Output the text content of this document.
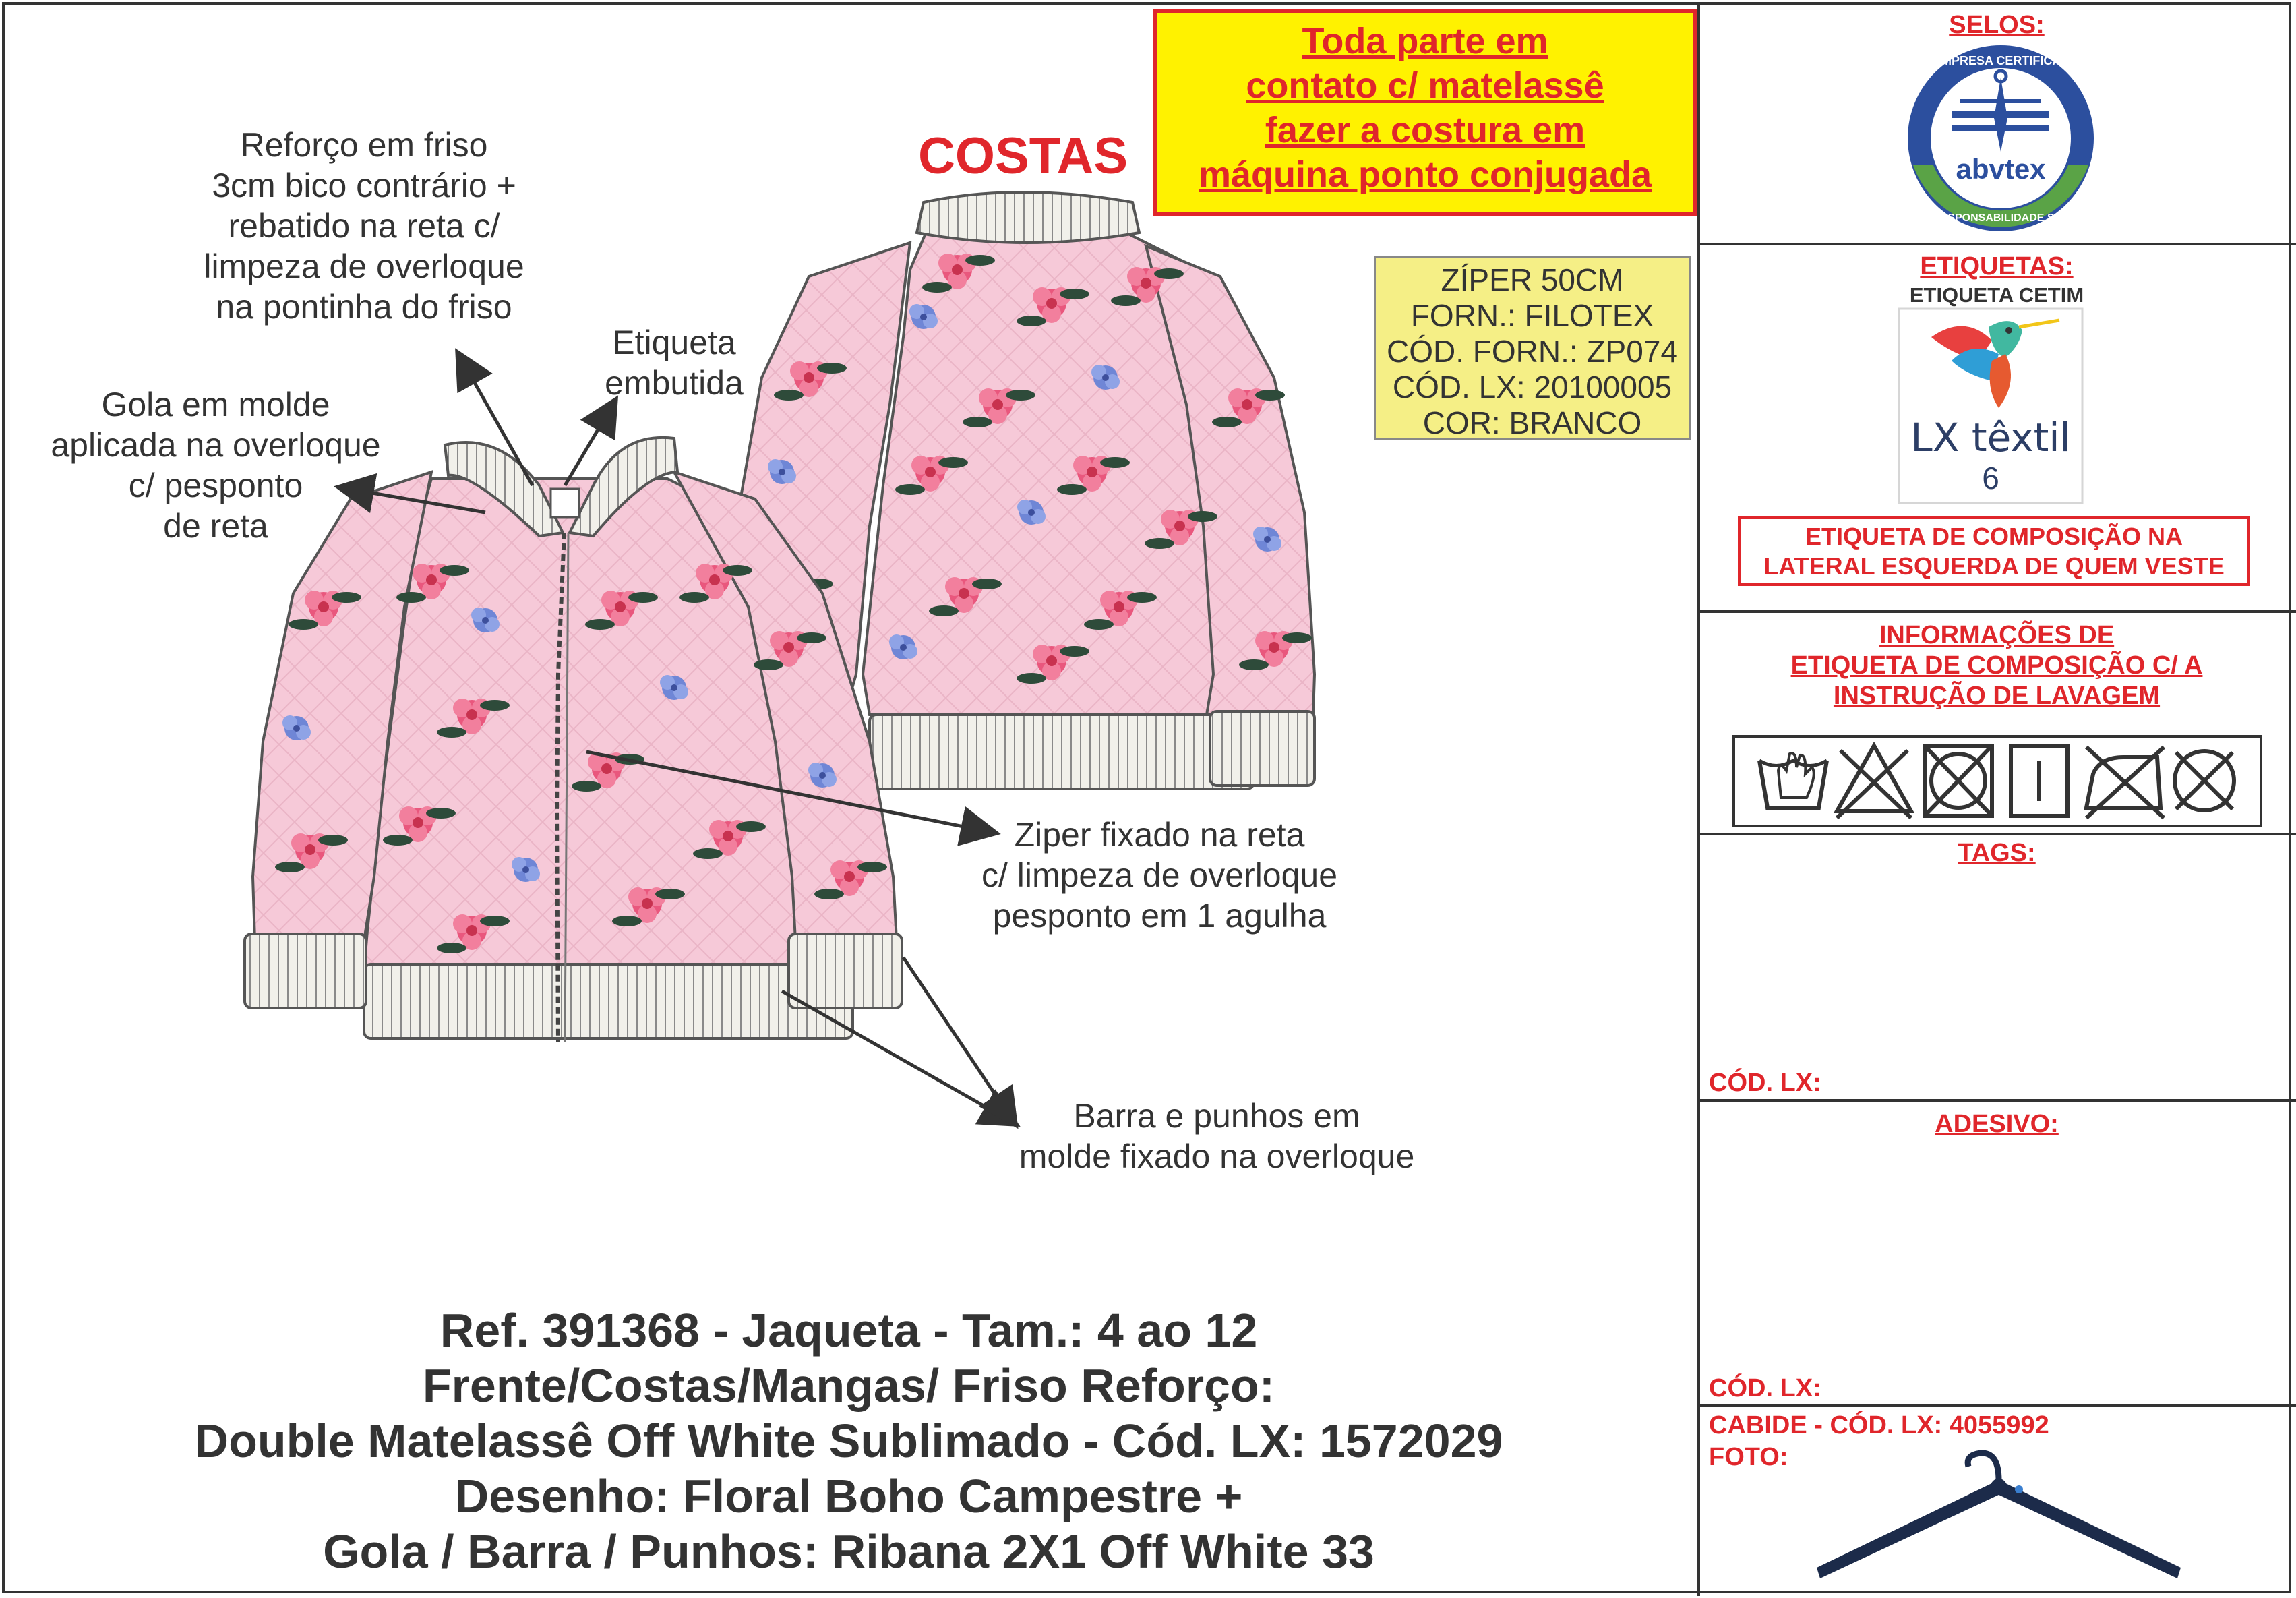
abvtex
COSTAS
Toda parte em
contato c/ matelassê
fazer a costura em
máquina ponto conjugada
ZÍPER 50CM
FORN.: FILOTEX
CÓD. FORN.: ZP074
CÓD. LX: 20100005
COR: BRANCO
Reforço em friso
3cm bico contrário +
rebatido na reta c/
limpeza de overloque
na pontinha do friso
Etiqueta
embutida
Gola em molde
aplicada na overloque
c/ pesponto
de reta
Ziper fixado na reta
c/ limpeza de overloque
pesponto em 1 agulha
Barra e punhos em
molde fixado na overloque
Ref. 391368 - Jaqueta - Tam.: 4 ao 12
Frente/Costas/Mangas/ Friso Reforço:
Double Matelassê Off White Sublimado - Cód. LX: 1572029
Desenho: Floral Boho Campestre +
Gola / Barra / Punhos: Ribana 2X1 Off White 33
SELOS:
EMPRESA CERTIFICADA
EM RESPONSABILIDADE SOCIAL
ETIQUETAS:
ETIQUETA CETIM
LX têxtil
6
ETIQUETA DE COMPOSIÇÃO NA
LATERAL ESQUERDA DE QUEM VESTE
INFORMAÇÕES DE
ETIQUETA DE COMPOSIÇÃO C/ A
INSTRUÇÃO DE LAVAGEM
TAGS:
CÓD. LX:
ADESIVO:
CÓD. LX:
CABIDE - CÓD. LX: 4055992
FOTO:
